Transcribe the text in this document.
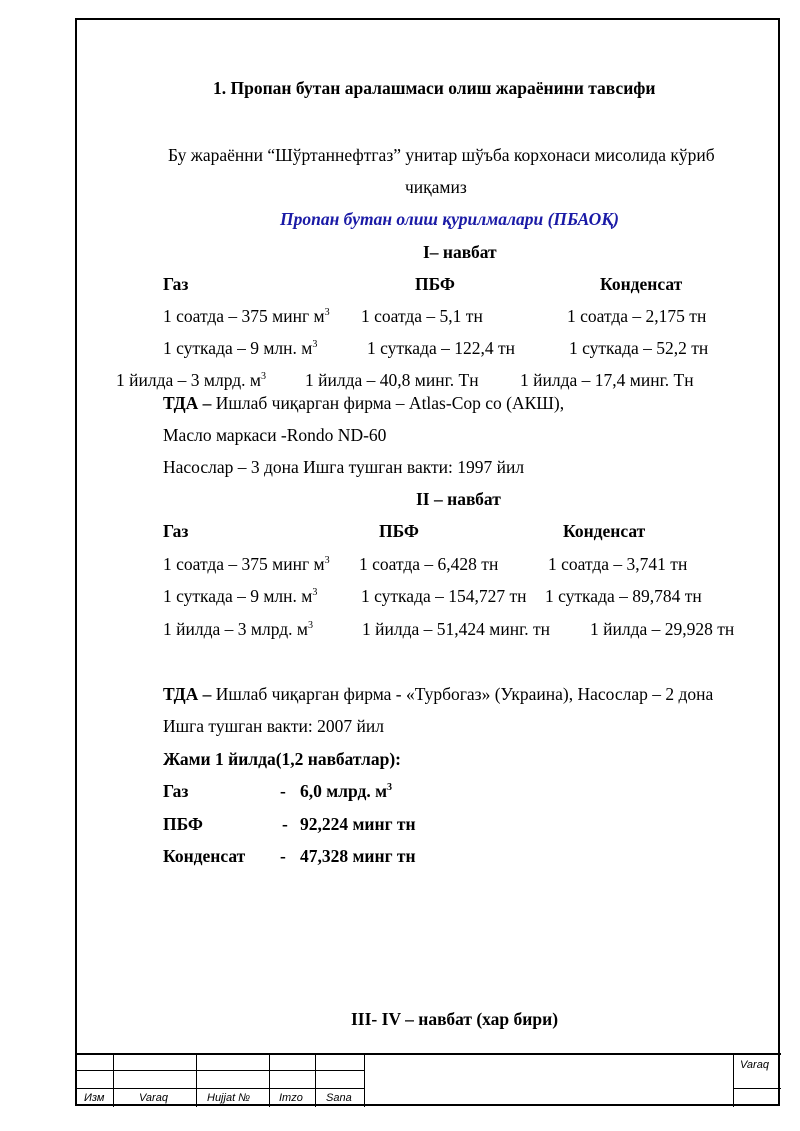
1. Пропан бутан аралашмаси олиш жараёнини тавсифи
Бу жараённи “Шўртаннефтгаз” унитар шўъба корхонаси мисолида кўриб
чиқамиз
Пропан бутан олиш қурилмалари (ПБАОҚ)
I– навбат
Газ	ПБФ	Конденсат
1 соатда – 375 минг $м^3$ 1 соатда – 5,1 тн	1 соатда – 2,175 тн
1 суткада – 9 млн. $м^3$	1 суткада – 122,4 тн	1 суткада – 52,2 тн
1 йилда – 3 млрд. $м^3$ 1 йилда – 40,8 минг. Тн 1 йилда – 17,4 минг. Тн
ТДА – Ишлаб чиқарган фирма – Atlas-Cop co (АКШ),
Масло маркаси -Rondo ND-60
Насослар – 3 дона Ишга тушган вакти: 1997 йил
II – навбат
Газ	ПБФ	Конденсат
1 соатда – 375 минг $м^3$ 1 соатда – 6,428 тн	1 соатда – 3,741 тн
1 суткада – 9 млн. $м^3$ 1 суткада – 154,727 тн 1 суткада – 89,784 тн
1 йилда – 3 млрд. $м^3$	1 йилда – 51,424 минг. тн 1 йилда – 29,928 тн
ТДА – Ишлаб чиқарган фирма - «Турбогаз» (Украина), Насослар – 2 дона
Ишга тушган вакти: 2007 йил
Жами 1 йилда(1,2 навбатлар):
Газ	- 6,0 млрд. $м^3$
ПБФ	- 92,224 минг тн
Конденсат - 47,328 минг тн
III- IV – навбат (хар бири)
Изм	Varaq	Hujjat №	Imzo Sana
Varaq
